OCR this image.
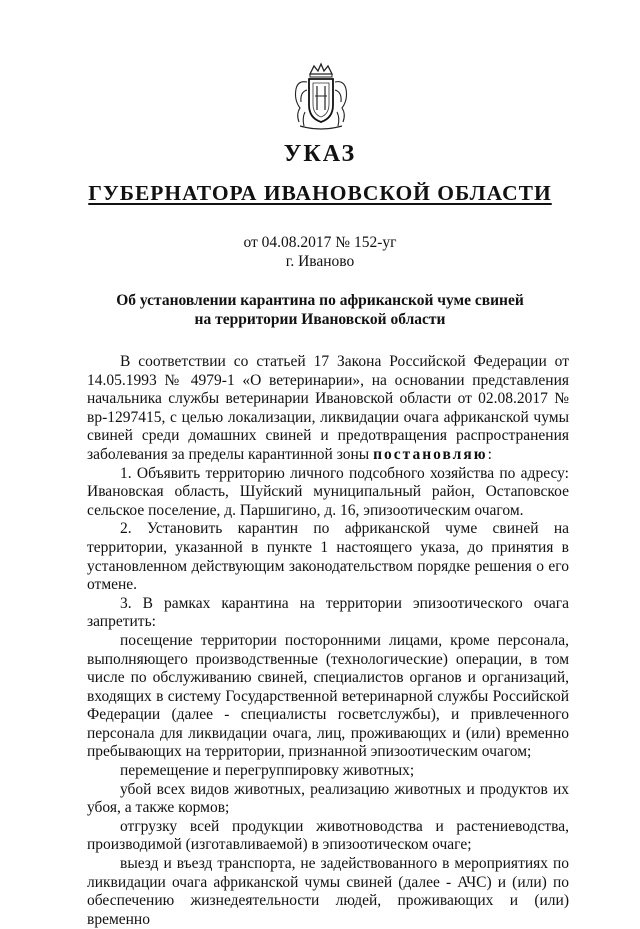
УКАЗ
ГУБЕРНАТОРА ИВАНОВСКОЙ ОБЛАСТИ
от 04.08.2017 № 152-уг
г. Иваново
Об установлении карантина по африканской чуме свиней
на территории Ивановской области

В соответствии со статьей 17 Закона Российской Федерации от 14.05.1993 № 4979-1 «О ветеринарии», на основании представления начальника службы ветеринарии Ивановской области от 02.08.2017 № вр-1297415, с целью локализации, ликвидации очага африканской чумы свиней среди домашних свиней и предотвращения распространения заболевания за пределы карантинной зоны постановляю:

1. Объявить территорию личного подсобного хозяйства по адресу: Ивановская область, Шуйский муниципальный район, Остаповское сельское поселение, д. Паршигино, д. 16, эпизоотическим очагом.

2. Установить карантин по африканской чуме свиней на территории, указанной в пункте 1 настоящего указа, до принятия в установленном действующим законодательством порядке решения о его отмене.

3. В рамках карантина на территории эпизоотического очага запретить:

посещение территории посторонними лицами, кроме персонала, выполняющего производственные (технологические) операции, в том числе по обслуживанию свиней, специалистов органов и организаций, входящих в систему Государственной ветеринарной службы Российской Федерации (далее - специалисты госветслужбы), и привлеченного персонала для ликвидации очага, лиц, проживающих и (или) временно пребывающих на территории, признанной эпизоотическим очагом;

перемещение и перегруппировку животных;

убой всех видов животных, реализацию животных и продуктов их убоя, а также кормов;

отгрузку всей продукции животноводства и растениеводства, производимой (изготавливаемой) в эпизоотическом очаге;

выезд и въезд транспорта, не задействованного в мероприятиях по ликвидации очага африканской чумы свиней (далее - АЧС) и (или) по обеспечению жизнедеятельности людей, проживающих и (или) временно
